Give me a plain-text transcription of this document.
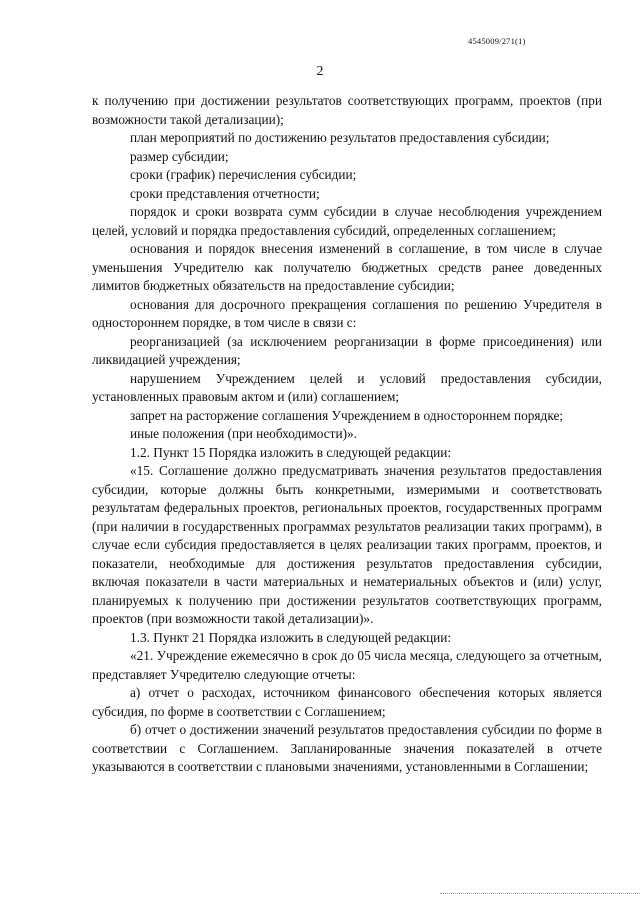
4545009/271(1)
2

к получению при достижении результатов соответствующих программ, проектов (при возможности такой детализации);

план мероприятий по достижению результатов предоставления субсидии;

размер субсидии;

сроки (график) перечисления субсидии;

сроки представления отчетности;

порядок и сроки возврата сумм субсидии в случае несоблюдения учреждением целей, условий и порядка предоставления субсидий, определенных соглашением;

основания и порядок внесения изменений в соглашение, в том числе в случае уменьшения Учредителю как получателю бюджетных средств ранее доведенных лимитов бюджетных обязательств на предоставление субсидии;

основания для досрочного прекращения соглашения по решению Учредителя в одностороннем порядке, в том числе в связи с:

реорганизацией (за исключением реорганизации в форме присоединения) или ликвидацией учреждения;

нарушением Учреждением целей и условий предоставления субсидии, установленных правовым актом и (или) соглашением;

запрет на расторжение соглашения Учреждением в одностороннем порядке;

иные положения (при необходимости)».

1.2. Пункт 15 Порядка изложить в следующей редакции:

«15. Соглашение должно предусматривать значения результатов предоставления субсидии, которые должны быть конкретными, измеримыми и соответствовать результатам федеральных проектов, региональных проектов, государственных программ (при наличии в государственных программах результатов реализации таких программ), в случае если субсидия предоставляется в целях реализации таких программ, проектов, и показатели, необходимые для достижения результатов предоставления субсидии, включая показатели в части материальных и нематериальных объектов и (или) услуг, планируемых к получению при достижении результатов соответствующих программ, проектов (при возможности такой детализации)».

1.3. Пункт 21 Порядка изложить в следующей редакции:

«21. Учреждение ежемесячно в срок до 05 числа месяца, следующего за отчетным, представляет Учредителю следующие отчеты:

а) отчет о расходах, источником финансового обеспечения которых является субсидия, по форме в соответствии с Соглашением;

б) отчет о достижении значений результатов предоставления субсидии по форме в соответствии с Соглашением. Запланированные значения показателей в отчете указываются в соответствии с плановыми значениями, установленными в Соглашении;
